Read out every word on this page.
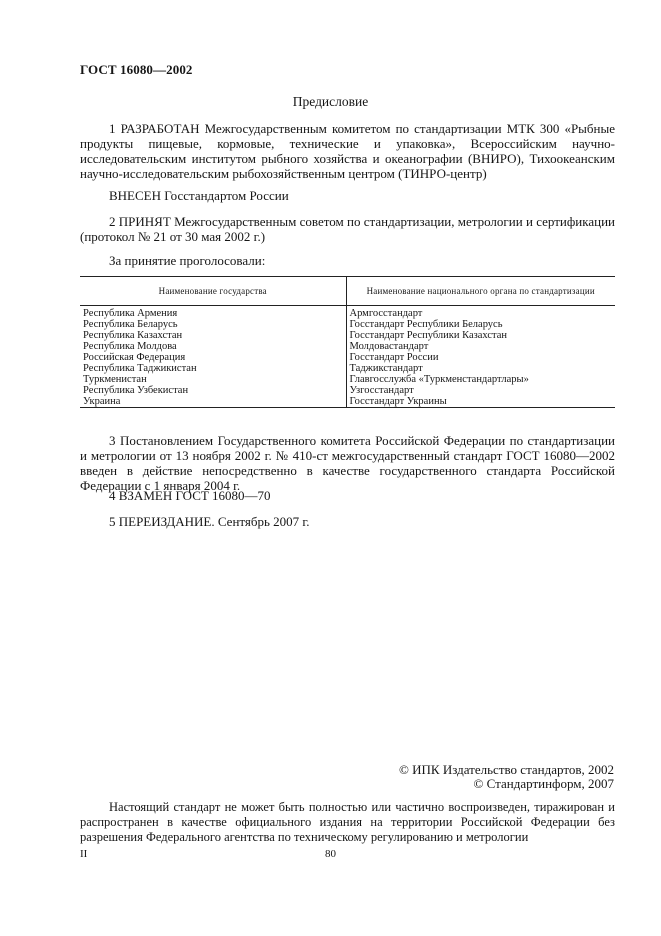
ГОСТ 16080—2002
Предисловие
1 РАЗРАБОТАН Межгосударственным комитетом по стандартизации МТК 300 «Рыбные продукты пищевые, кормовые, технические и упаковка», Всероссийским научно-исследовательским институтом рыбного хозяйства и океанографии (ВНИРО), Тихоокеанским научно-исследовательским рыбохозяйственным центром (ТИНРО-центр)
ВНЕСЕН Госстандартом России
2 ПРИНЯТ Межгосударственным советом по стандартизации, метрологии и сертификации (протокол № 21 от 30 мая 2002 г.)
За принятие проголосовали:
Наименование государства	Наименование национального органа по стандартизации
Республика Армения	Армгосстандарт
Республика Беларусь	Госстандарт Республики Беларусь
Республика Казахстан	Госстандарт Республики Казахстан
Республика Молдова	Молдовастандарт
Российская Федерация	Госстандарт России
Республика Таджикистан	Таджикстандарт
Туркменистан	Главгосслужба «Туркменстандартлары»
Республика Узбекистан	Узгосстандарт
Украина	Госстандарт Украины
3 Постановлением Государственного комитета Российской Федерации по стандартизации и метрологии от 13 ноября 2002 г. № 410-ст межгосударственный стандарт ГОСТ 16080—2002 введен в действие непосредственно в качестве государственного стандарта Российской Федерации с 1 января 2004 г.
4 ВЗАМЕН ГОСТ 16080—70
5 ПЕРЕИЗДАНИЕ. Сентябрь 2007 г.
© ИПК Издательство стандартов, 2002
© Стандартинформ, 2007
Настоящий стандарт не может быть полностью или частично воспроизведен, тиражирован и распространен в качестве официального издания на территории Российской Федерации без разрешения Федерального агентства по техническому регулированию и метрологии
II	80
